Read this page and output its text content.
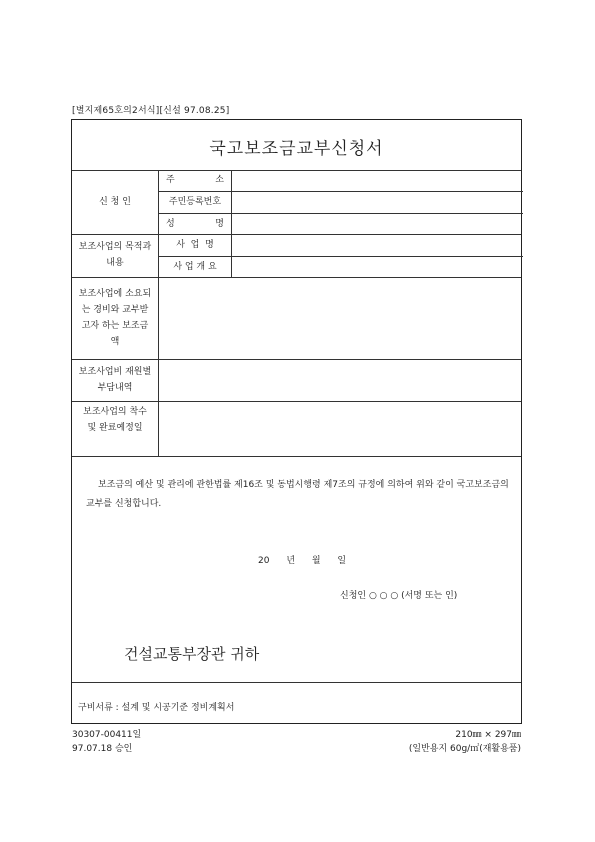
[별지제65호의2서식][신설 97.08.25]
국고보조금교부신청서
신 청 인
주	소
주민등록번호
성	명
보조사업의 목적과내용
사  업  명
사 업 개 요
보조사업에 소요되는 경비와 교부받고자 하는 보조금액
보조사업비 재원별부담내역
보조사업의 착수 및 완료예정일
보조금의 예산 및 관리에 관한법률 제16조 및 동법시행령 제7조의 규정에 의하여 위와 같이 국고보조금의 교부를 신청합니다.
20 년 월 일
신청인 ○ ○ ○ (서명 또는 인)
건설교통부장관 귀하
구비서류 : 설계 및 시공기준 정비계획서
30307-00411일
97.07.18 승인
210㎜ × 297㎜
(일반용지 60g/㎡(재활용품)
